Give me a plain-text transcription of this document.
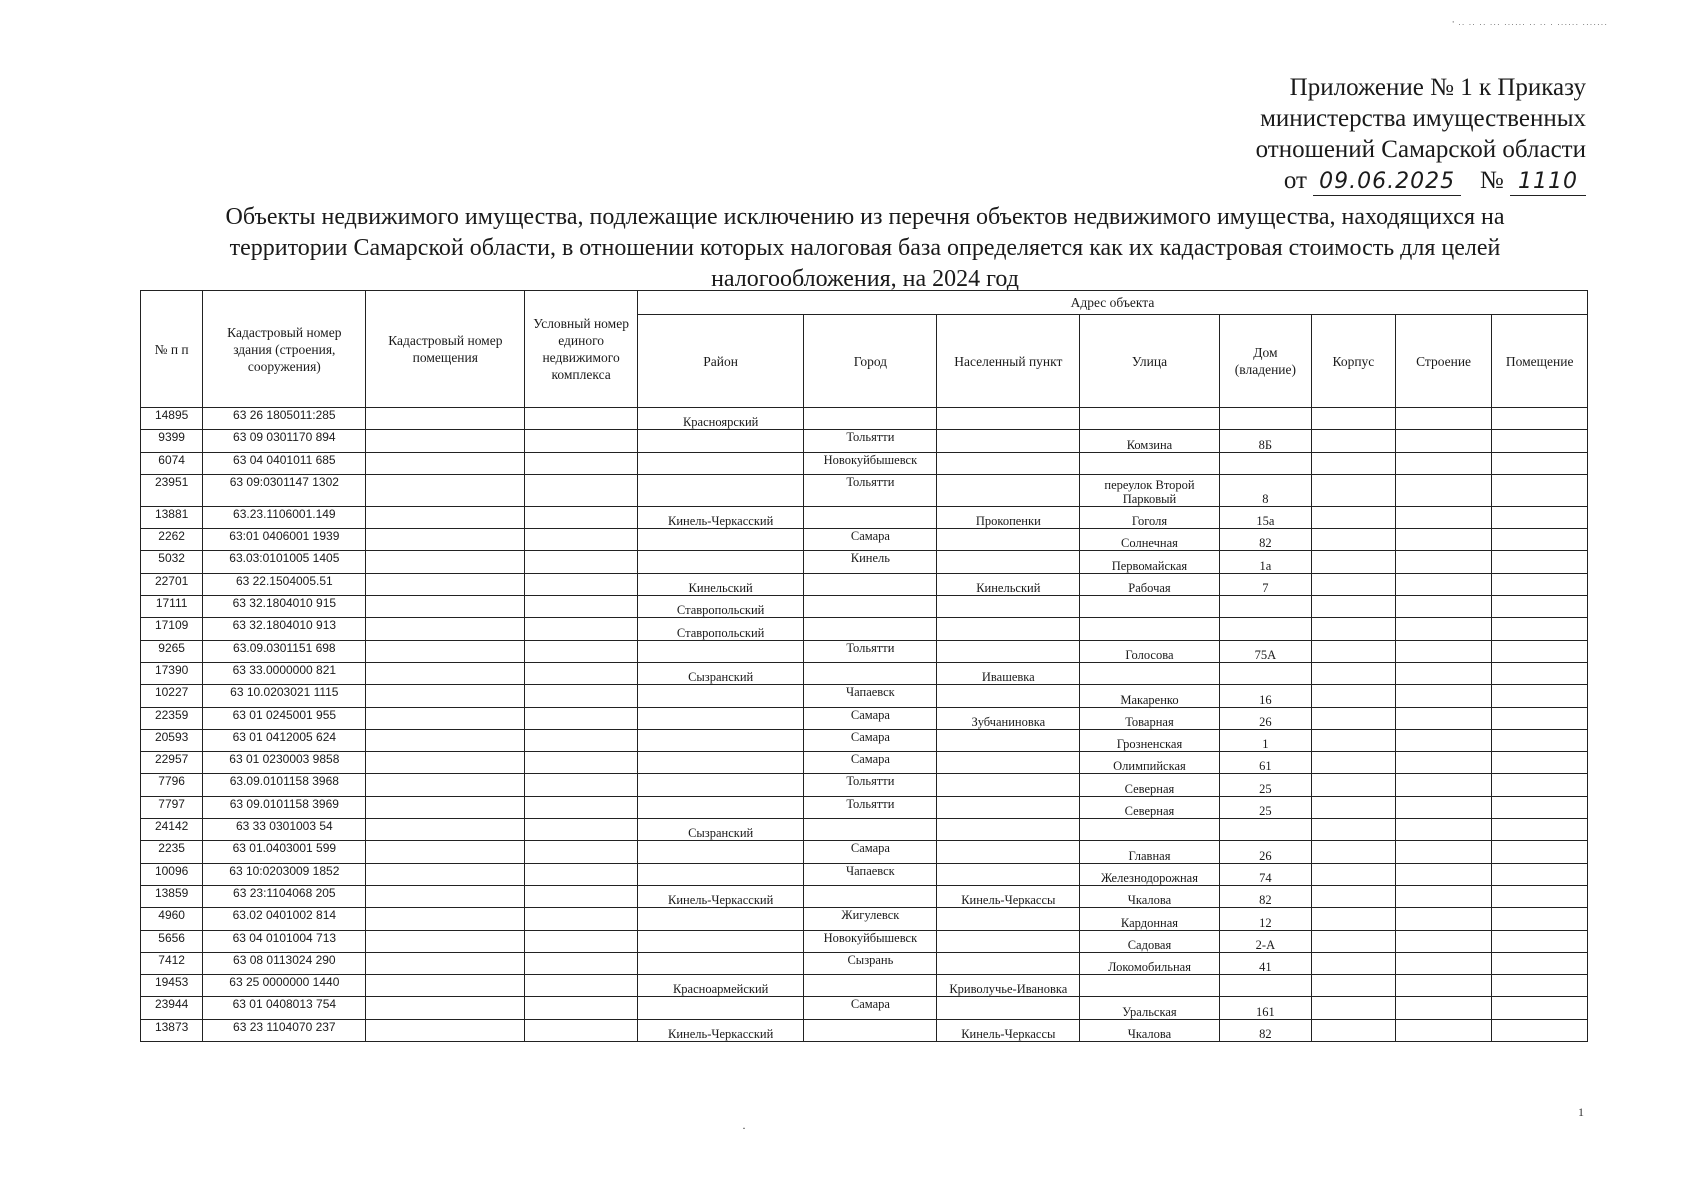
' ·· ·· ·· ··· ······ ·· ·· · ······ ·······
Приложение № 1 к Приказу
министерства имущественных
отношений Самарской области
от 09.06.2025 № 1110
Объекты недвижимого имущества, подлежащие исключению из перечня объектов недвижимого имущества, находящихся на
территории Самарской области, в отношении которых налоговая база определяется как их кадастровая стоимость для целей
налогообложения, на 2024 год
№ п п	Кадастровый номер здания (строения, сооружения)	Кадастровый номер помещения	Условный номер единого недвижимого комплекса	Адрес объекта							
				Район	Город	Населенный пункт	Улица	Дом (владение)	Корпус	Строение	Помещение
14895	63 26 1805011:285			Красноярский							
9399	63 09 0301170 894				Тольятти		Комзина	8Б			
6074	63 04 0401011 685				Новокуйбышевск						
23951	63 09:0301147 1302				Тольятти		переулок Второй Парковый	8			
13881	63.23.1106001.149			Кинель-Черкасский		Прокопенки	Гоголя	15а			
2262	63:01 0406001 1939				Самара		Солнечная	82			
5032	63.03:0101005 1405				Кинель		Первомайская	1а			
22701	63 22.1504005.51			Кинельский		Кинельский	Рабочая	7			
17111	63 32.1804010 915			Ставропольский							
17109	63 32.1804010 913			Ставропольский							
9265	63.09.0301151 698				Тольятти		Голосова	75А			
17390	63 33.0000000 821			Сызранский		Ивашевка					
10227	63 10.0203021 1115				Чапаевск		Макаренко	16			
22359	63 01 0245001 955				Самара	Зубчаниновка	Товарная	26			
20593	63 01 0412005 624				Самара		Грозненская	1			
22957	63 01 0230003 9858				Самара		Олимпийская	61			
7796	63.09.0101158 3968				Тольятти		Северная	25			
7797	63 09.0101158 3969				Тольятти		Северная	25			
24142	63 33 0301003 54			Сызранский							
2235	63 01.0403001 599				Самара		Главная	26			
10096	63 10:0203009 1852				Чапаевск		Железнодорожная	74			
13859	63 23:1104068 205			Кинель-Черкасский		Кинель-Черкассы	Чкалова	82			
4960	63.02 0401002 814				Жигулевск		Кардонная	12			
5656	63 04 0101004 713				Новокуйбышевск		Садовая	2-А			
7412	63 08 0113024 290				Сызрань		Локомобильная	41			
19453	63 25 0000000 1440			Красноармейский		Криволучье-Ивановка					
23944	63 01 0408013 754				Самара		Уральская	161			
13873	63 23 1104070 237			Кинель-Черкасский		Кинель-Черкассы	Чкалова	82			
·
1
